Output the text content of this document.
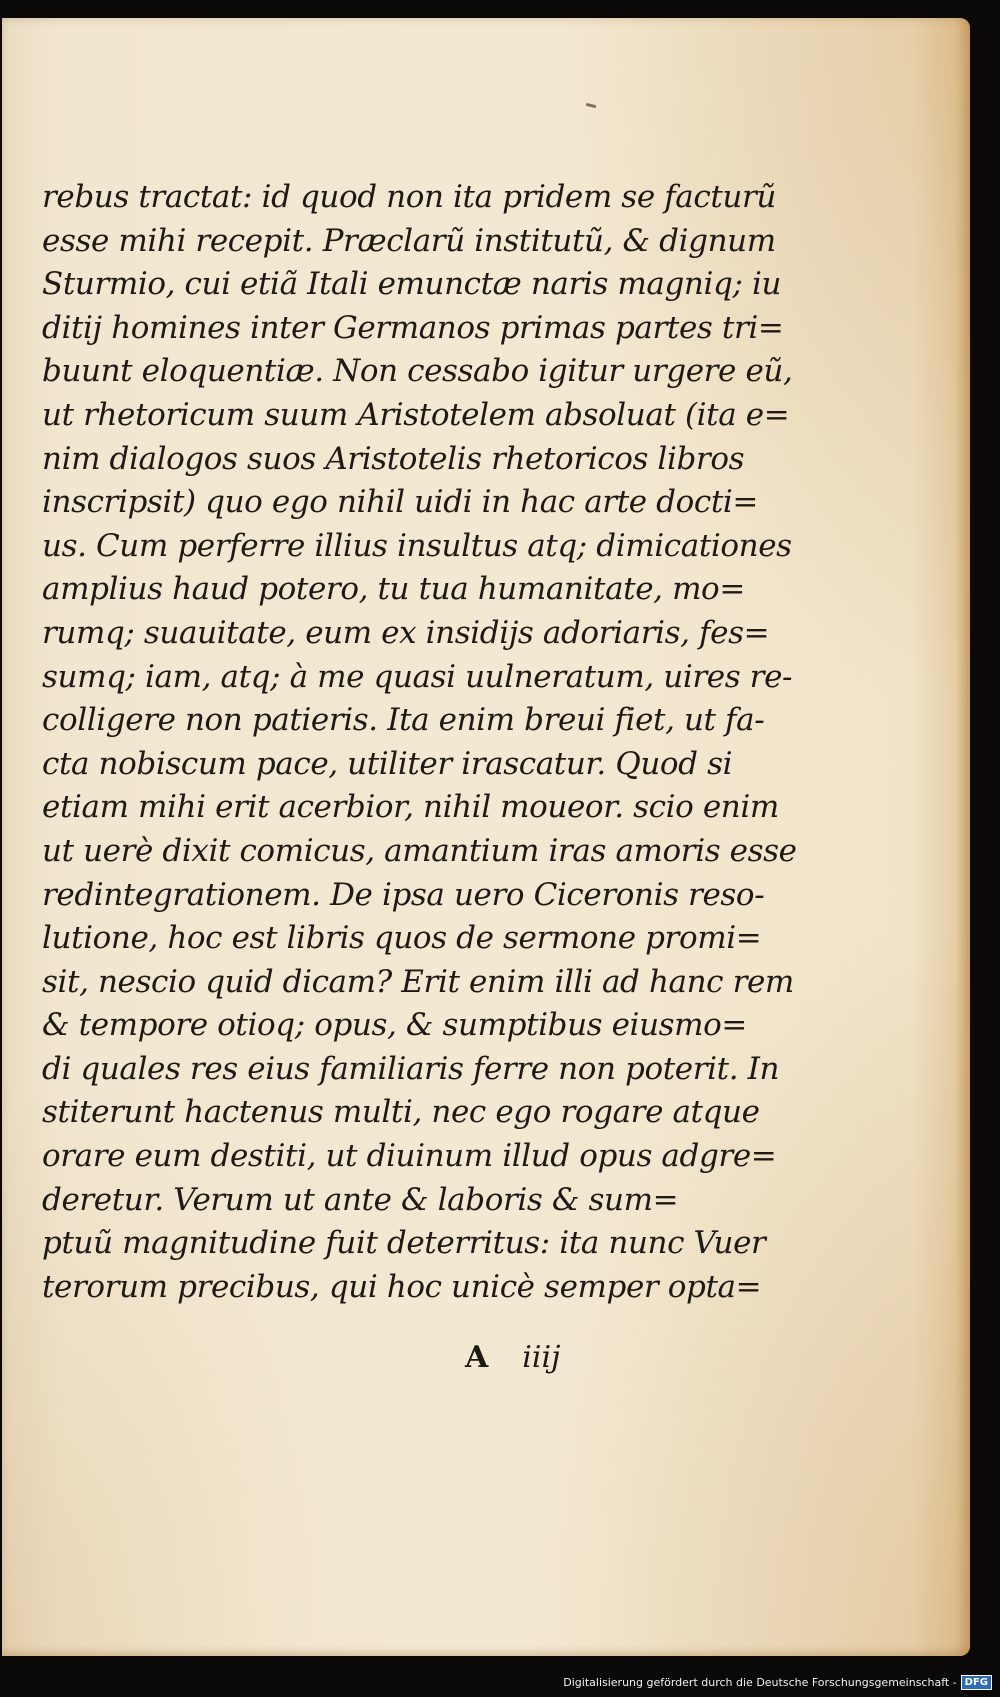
rebus tractat: id quod non ita pridem se facturũ
esse mihi recepit. Præclarũ institutũ, & dignum
Sturmio, cui etiã Itali emunctæ naris magniq; iu
ditij homines inter Germanos primas partes tri=
buunt eloquentiæ. Non cessabo igitur urgere eũ,
ut rhetoricum suum Aristotelem absoluat (ita e=
nim dialogos suos Aristotelis rhetoricos libros
inscripsit) quo ego nihil uidi in hac arte docti=
us. Cum perferre illius insultus atq; dimicationes
amplius haud potero, tu tua humanitate, mo=
rumq; suauitate, eum ex insidijs adoriaris, fes=
sumq; iam, atq; à me quasi uulneratum, uires re-
colligere non patieris. Ita enim breui fiet, ut fa-
cta nobiscum pace, utiliter irascatur. Quod si
etiam mihi erit acerbior, nihil moueor. scio enim
ut uerè dixit comicus, amantium iras amoris esse
redintegrationem. De ipsa uero Ciceronis reso-
lutione, hoc est libris quos de sermone promi=
sit, nescio quid dicam? Erit enim illi ad hanc rem
& tempore otioq; opus, & sumptibus eiusmo=
di quales res eius familiaris ferre non poterit. In
stiterunt hactenus multi, nec ego rogare atque
orare eum destiti, ut diuinum illud opus adgre=
deretur. Verum ut ante & laboris & sum=
ptuũ magnitudine fuit deterritus: ita nunc Vuer
terorum precibus, qui hoc unicè semper opta=
A iiij
Digitalisierung gefördert durch die Deutsche Forschungsgemeinschaft - DFG
